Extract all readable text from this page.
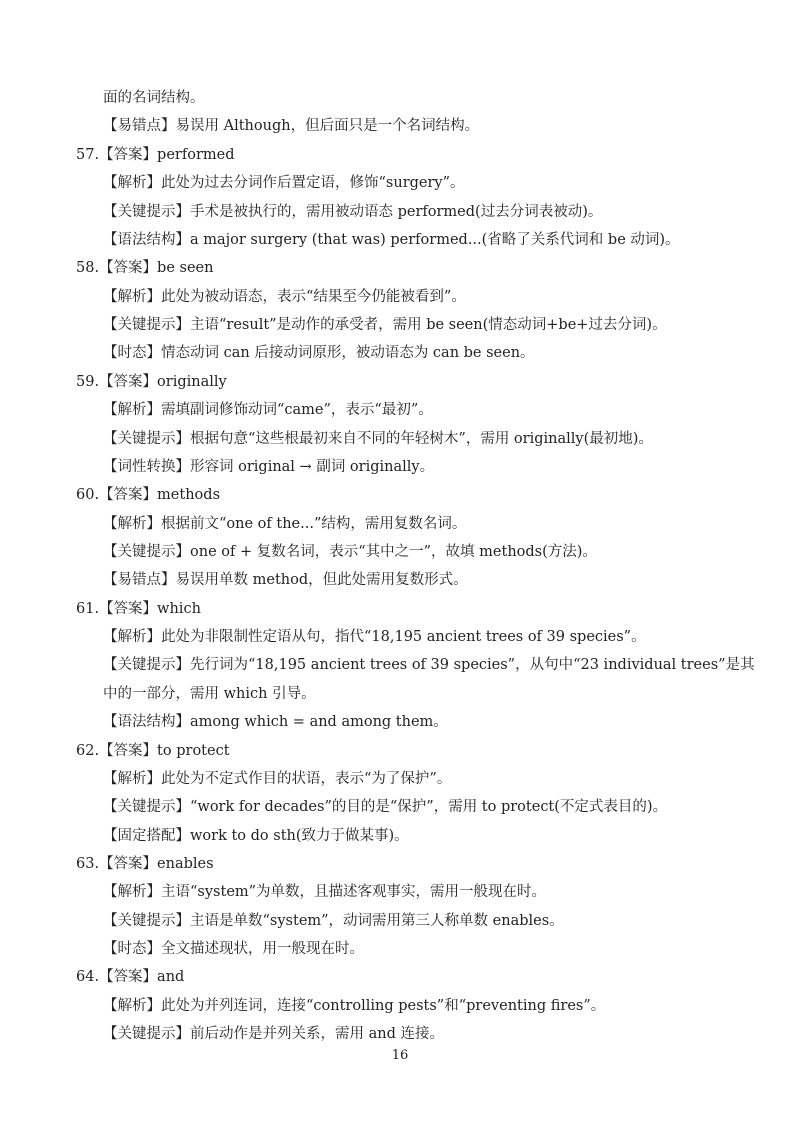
面的名词结构。
【易错点】易误用 Although，但后面只是一个名词结构。
57.【答案】performed
【解析】此处为过去分词作后置定语，修饰“surgery”。
【关键提示】手术是被执行的，需用被动语态 performed(过去分词表被动)。
【语法结构】a major surgery (that was) performed...(省略了关系代词和 be 动词)。
58.【答案】be seen
【解析】此处为被动语态，表示“结果至今仍能被看到”。
【关键提示】主语“result”是动作的承受者，需用 be seen(情态动词+be+过去分词)。
【时态】情态动词 can 后接动词原形，被动语态为 can be seen。
59.【答案】originally
【解析】需填副词修饰动词“came”，表示“最初”。
【关键提示】根据句意“这些根最初来自不同的年轻树木”，需用 originally(最初地)。
【词性转换】形容词 original → 副词 originally。
60.【答案】methods
【解析】根据前文“one of the...”结构，需用复数名词。
【关键提示】one of + 复数名词，表示“其中之一”，故填 methods(方法)。
【易错点】易误用单数 method，但此处需用复数形式。
61.【答案】which
【解析】此处为非限制性定语从句，指代“18,195 ancient trees of 39 species”。
【关键提示】先行词为“18,195 ancient trees of 39 species”，从句中“23 individual trees”是其
中的一部分，需用 which 引导。
【语法结构】among which = and among them。
62.【答案】to protect
【解析】此处为不定式作目的状语，表示“为了保护”。
【关键提示】“work for decades”的目的是“保护”，需用 to protect(不定式表目的)。
【固定搭配】work to do sth(致力于做某事)。
63.【答案】enables
【解析】主语“system”为单数，且描述客观事实，需用一般现在时。
【关键提示】主语是单数“system”，动词需用第三人称单数 enables。
【时态】全文描述现状，用一般现在时。
64.【答案】and
【解析】此处为并列连词，连接“controlling pests”和“preventing fires”。
【关键提示】前后动作是并列关系，需用 and 连接。
16
